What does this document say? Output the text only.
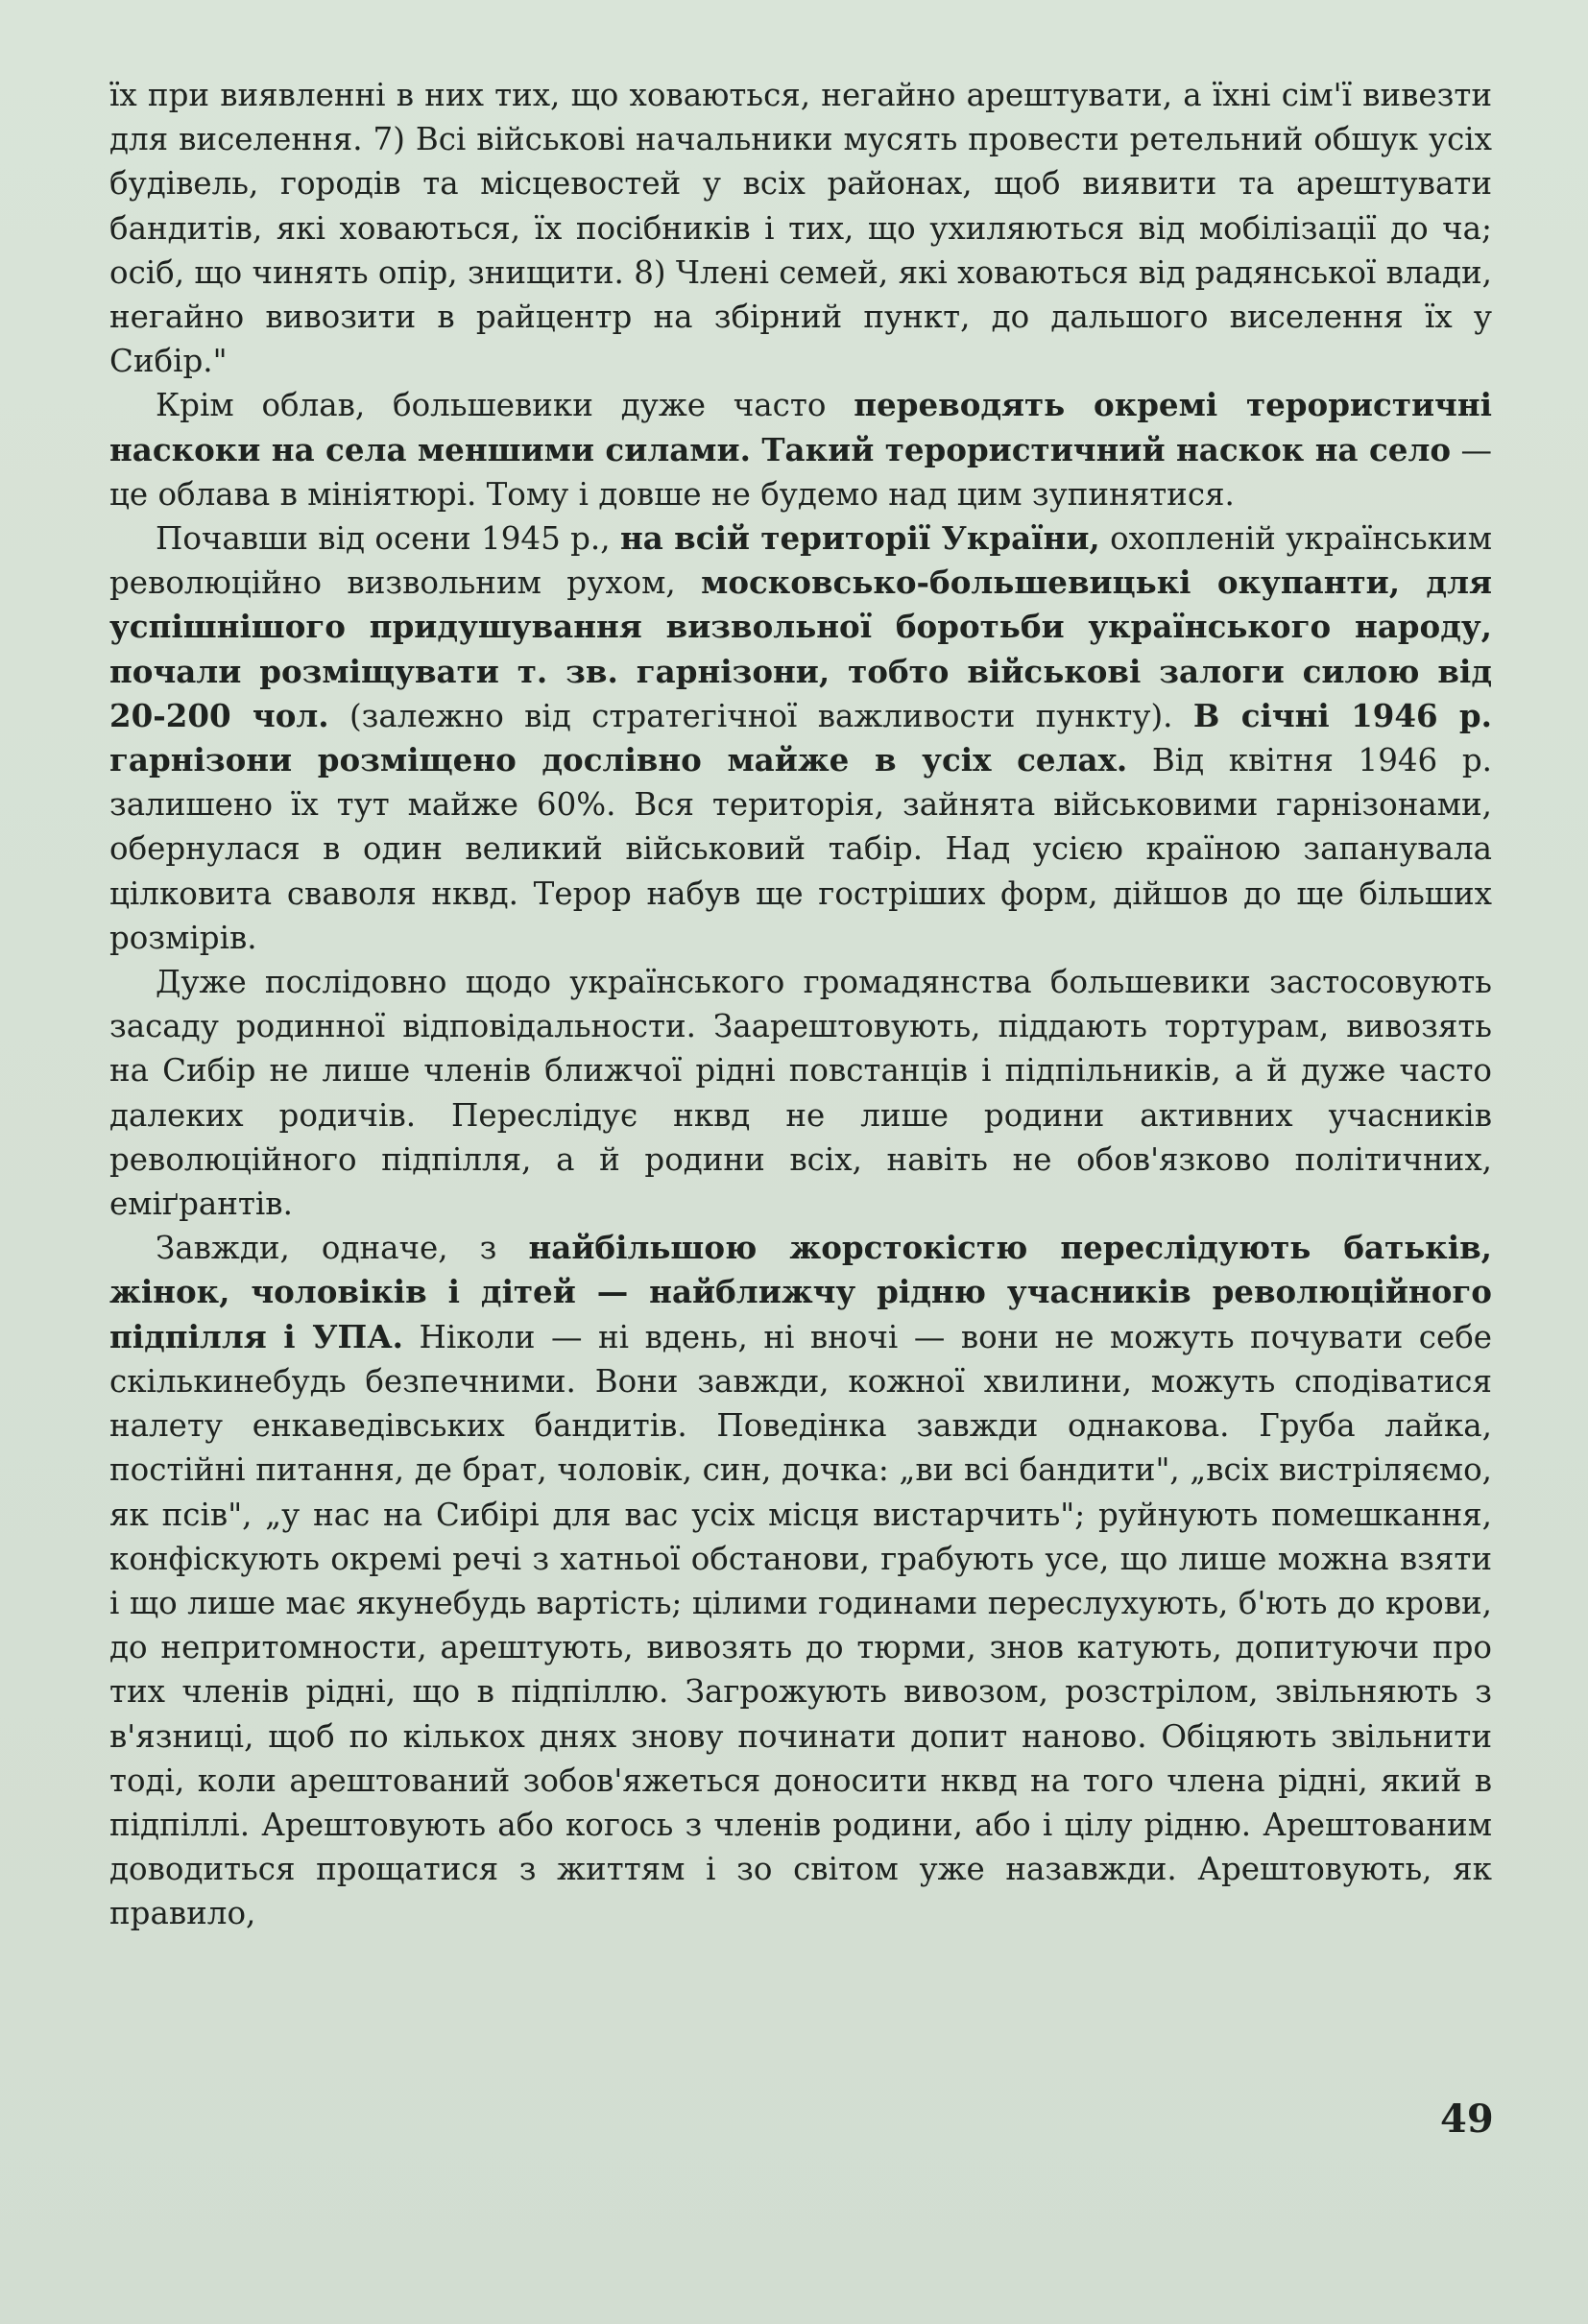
їх при виявленні в них тих, що ховаються, негайно арештувати, а їхні сім'ї вивезти для виселення. 7) Всі військові начальники мусять провести ретельний обшук усіх будівель, городів та місцевостей у всіх районах, щоб виявити та арештувати бандитів, які ховаються, їх посібників і тих, що ухиляються від мобілізації до ча; осіб, що чинять опір, знищити. 8) Члені семей, які ховаються від радянської влади, негайно вивозити в райцентр на збірний пункт, до дальшого виселення їх у Сибір."

Крім облав, большевики дуже часто переводять окремі терористичні наскоки на села меншими силами. Такий терористичний наскок на село — це облава в мініятюрі. Тому і довше не будемо над цим зупинятися.

Почавши від осени 1945 р., на всій території України, охопленій українським революційно визвольним рухом, московсько-большевицькі окупанти, для успішнішого придушування визвольної боротьби українського народу, почали розміщувати т. зв. гарнізони, тобто військові залоги силою від 20-200 чол. (залежно від стратегічної важливости пункту). В січні 1946 р. гарнізони розміщено дослівно майже в усіх селах. Від квітня 1946 р. залишено їх тут майже 60%. Вся територія, зайнята військовими гарнізонами, обернулася в один великий військовий табір. Над усією країною запанувала цілковита сваволя нквд. Терор набув ще гостріших форм, дійшов до ще більших розмірів.

Дуже послідовно щодо українського громадянства большевики застосовують засаду родинної відповідальности. Заарештовують, піддають тортурам, вивозять на Сибір не лише членів ближчої рідні повстанців і підпільників, а й дуже часто далеких родичів. Переслідує нквд не лише родини активних учасників революційного підпілля, а й родини всіх, навіть не обов'язково політичних, еміґрантів.

Завжди, одначе, з найбільшою жорстокістю переслідують батьків, жінок, чоловіків і дітей — найближчу рідню учасників революційного підпілля і УПА. Ніколи — ні вдень, ні вночі — вони не можуть почувати себе скількинебудь безпечними. Вони завжди, кожної хвилини, можуть сподіватися налету енкаведівських бандитів. Поведінка завжди однакова. Груба лайка, постійні питання, де брат, чоловік, син, дочка: „ви всі бандити", „всіх вистріляємо, як псів", „у нас на Сибірі для вас усіх місця вистарчить"; руйнують помешкання, конфіскують окремі речі з хатньої обстанови, грабують усе, що лише можна взяти і що лише має якунебудь вартість; цілими годинами переслухують, б'ють до крови, до непритомности, арештують, вивозять до тюрми, знов катують, допитуючи про тих членів рідні, що в підпіллю. Загрожують вивозом, розстрілом, звільняють з в'язниці, щоб по кількох днях знову починати допит наново. Обіцяють звільнити тоді, коли арештований зобов'яжеться доносити нквд на того члена рідні, який в підпіллі. Арештовують або когось з членів родини, або і цілу рідню. Арештованим доводиться прощатися з життям і зо світом уже назавжди. Арештовують, як правило,

49
